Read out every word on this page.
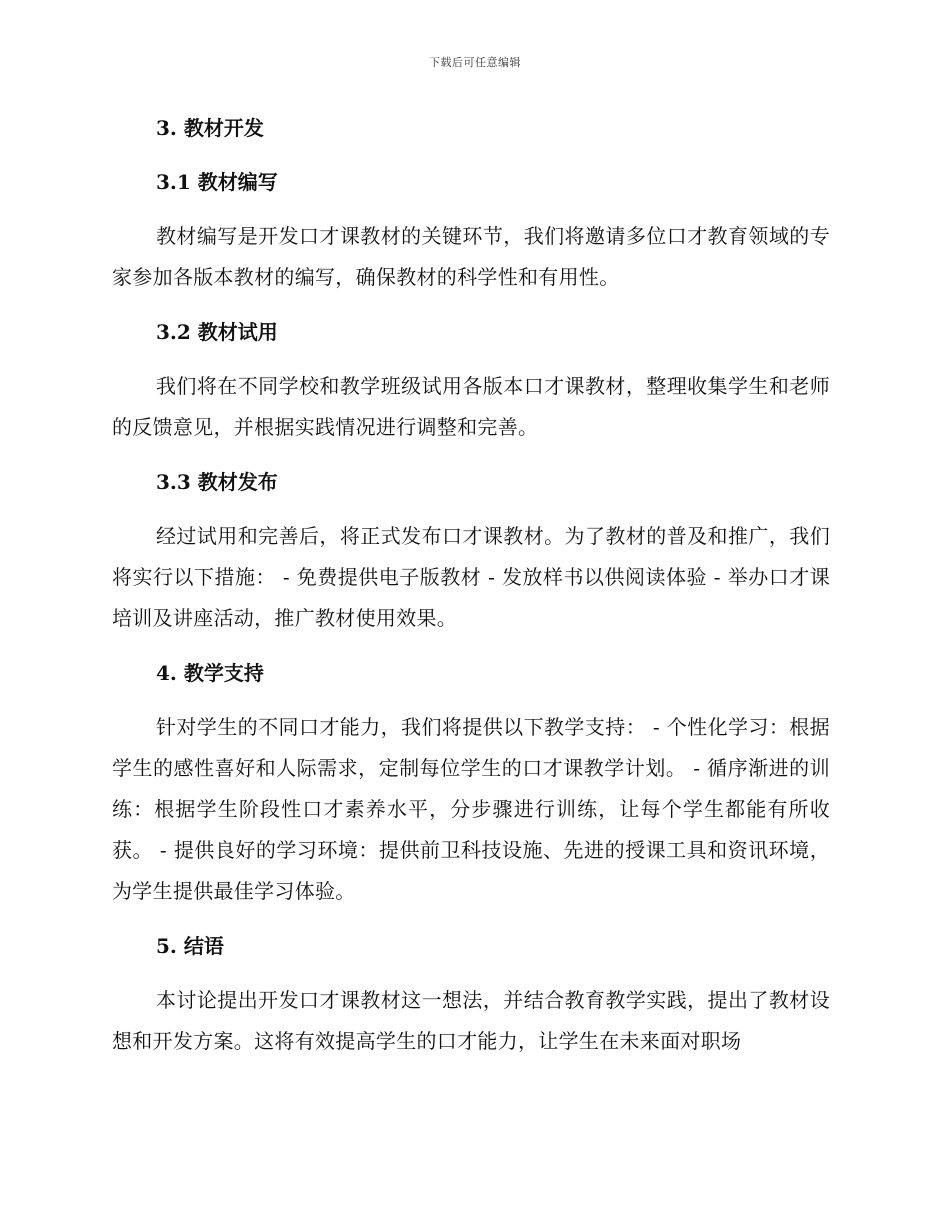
下载后可任意编辑
3. 教材开发
3.1 教材编写

教材编写是开发口才课教材的关键环节，我们将邀请多位口才教育领域的专家参加各版本教材的编写，确保教材的科学性和有用性。

3.2 教材试用

我们将在不同学校和教学班级试用各版本口才课教材，整理收集学生和老师的反馈意见，并根据实践情况进行调整和完善。

3.3 教材发布

经过试用和完善后，将正式发布口才课教材。为了教材的普及和推广，我们将实行以下措施： - 免费提供电子版教材 - 发放样书以供阅读体验 - 举办口才课培训及讲座活动，推广教材使用效果。

4. 教学支持

针对学生的不同口才能力，我们将提供以下教学支持： - 个性化学习：根据学生的感性喜好和人际需求，定制每位学生的口才课教学计划。 - 循序渐进的训练：根据学生阶段性口才素养水平，分步骤进行训练，让每个学生都能有所收获。 - 提供良好的学习环境：提供前卫科技设施、先进的授课工具和资讯环境，为学生提供最佳学习体验。

5. 结语

本讨论提出开发口才课教材这一想法，并结合教育教学实践，提出了教材设想和开发方案。这将有效提高学生的口才能力，让学生在未来面对职场
